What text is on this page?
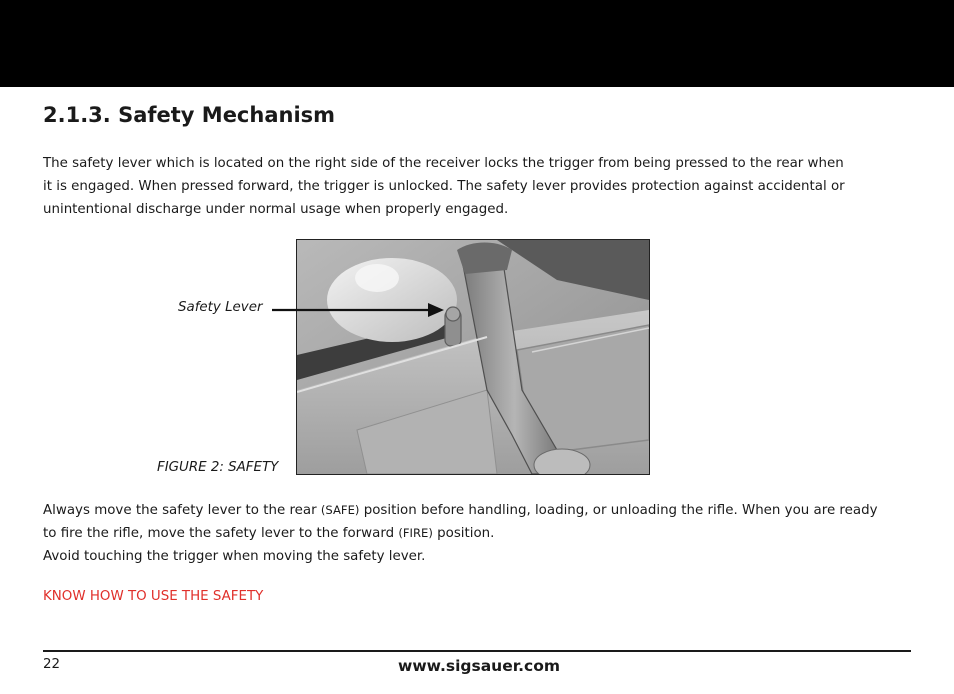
2.1.3. Safety Mechanism
The safety lever which is located on the right side of the receiver locks the trigger from being pressed to the rear when
it is engaged. When pressed forward, the trigger is unlocked. The safety lever provides protection against accidental or
unintentional discharge under normal usage when properly engaged.
Safety Lever
FIGURE 2: SAFETY
Always move the safety lever to the rear (SAFE) position before handling, loading, or unloading the rifle. When you are ready
to fire the rifle, move the safety lever to the forward (FIRE) position.
Avoid touching the trigger when moving the safety lever.
KNOW HOW TO USE THE SAFETY
22	www.sigsauer.com
